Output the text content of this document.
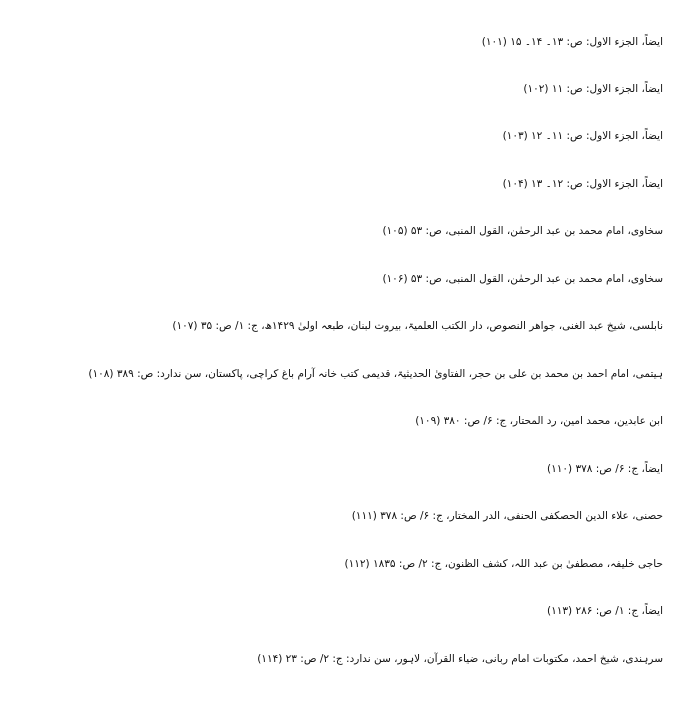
ایضاً، الجزء الاول: ص: ۱۳۔ ۱۴۔ ۱۵ (۱۰۱)
ایضاً، الجزء الاول: ص: ۱۱ (۱۰۲)
ایضاً، الجزء الاول: ص: ۱۱۔ ۱۲ (۱۰۳)
ایضاً، الجزء الاول: ص: ۱۲۔ ۱۳ (۱۰۴)
سخاوی، امام محمد بن عبد الرحمٰن، القول المنبی، ص: ۵۳ (۱۰۵)
سخاوی، امام محمد بن عبد الرحمٰن، القول المنبی، ص: ۵۳ (۱۰۶)
نابلسی، شیخ عبد الغنی، جواھر النصوص، دار الکتب العلمیۃ، بیروت لبنان، طبعہ اولیٰ ۱۴۲۹ھ، ج: ۱/ ص: ۳۵ (۱۰۷)
ہیتمی، امام احمد بن محمد بن علی بن حجر، الفتاویٰ الحدیثیۃ، قدیمی کتب خانہ آرام باغ کراچی، پاکستان، سن ندارد: ص: ۳۸۹ (۱۰۸)
ابن عابدین، محمد امین، رد المحتار، ج: ۶/ ص: ۳۸۰ (۱۰۹)
ایضاً، ج: ۶/ ص: ۳۷۸ (۱۱۰)
حصنی، علاء الدین الحصکفی الحنفی، الدر المختار، ج: ۶/ ص: ۳۷۸ (۱۱۱)
حاجی خلیفہ، مصطفیٰ بن عبد اللہ، کشف الظنون، ج: ۲/ ص: ۱۸۳۵ (۱۱۲)
ایضاً، ج: ۱/ ص: ۲۸۶ (۱۱۳)
سرہندی، شیخ احمد، مکتوبات امام ربانی، ضیاء القرآن، لاہور، سن ندارد: ج: ۲/ ص: ۲۳ (۱۱۴)
